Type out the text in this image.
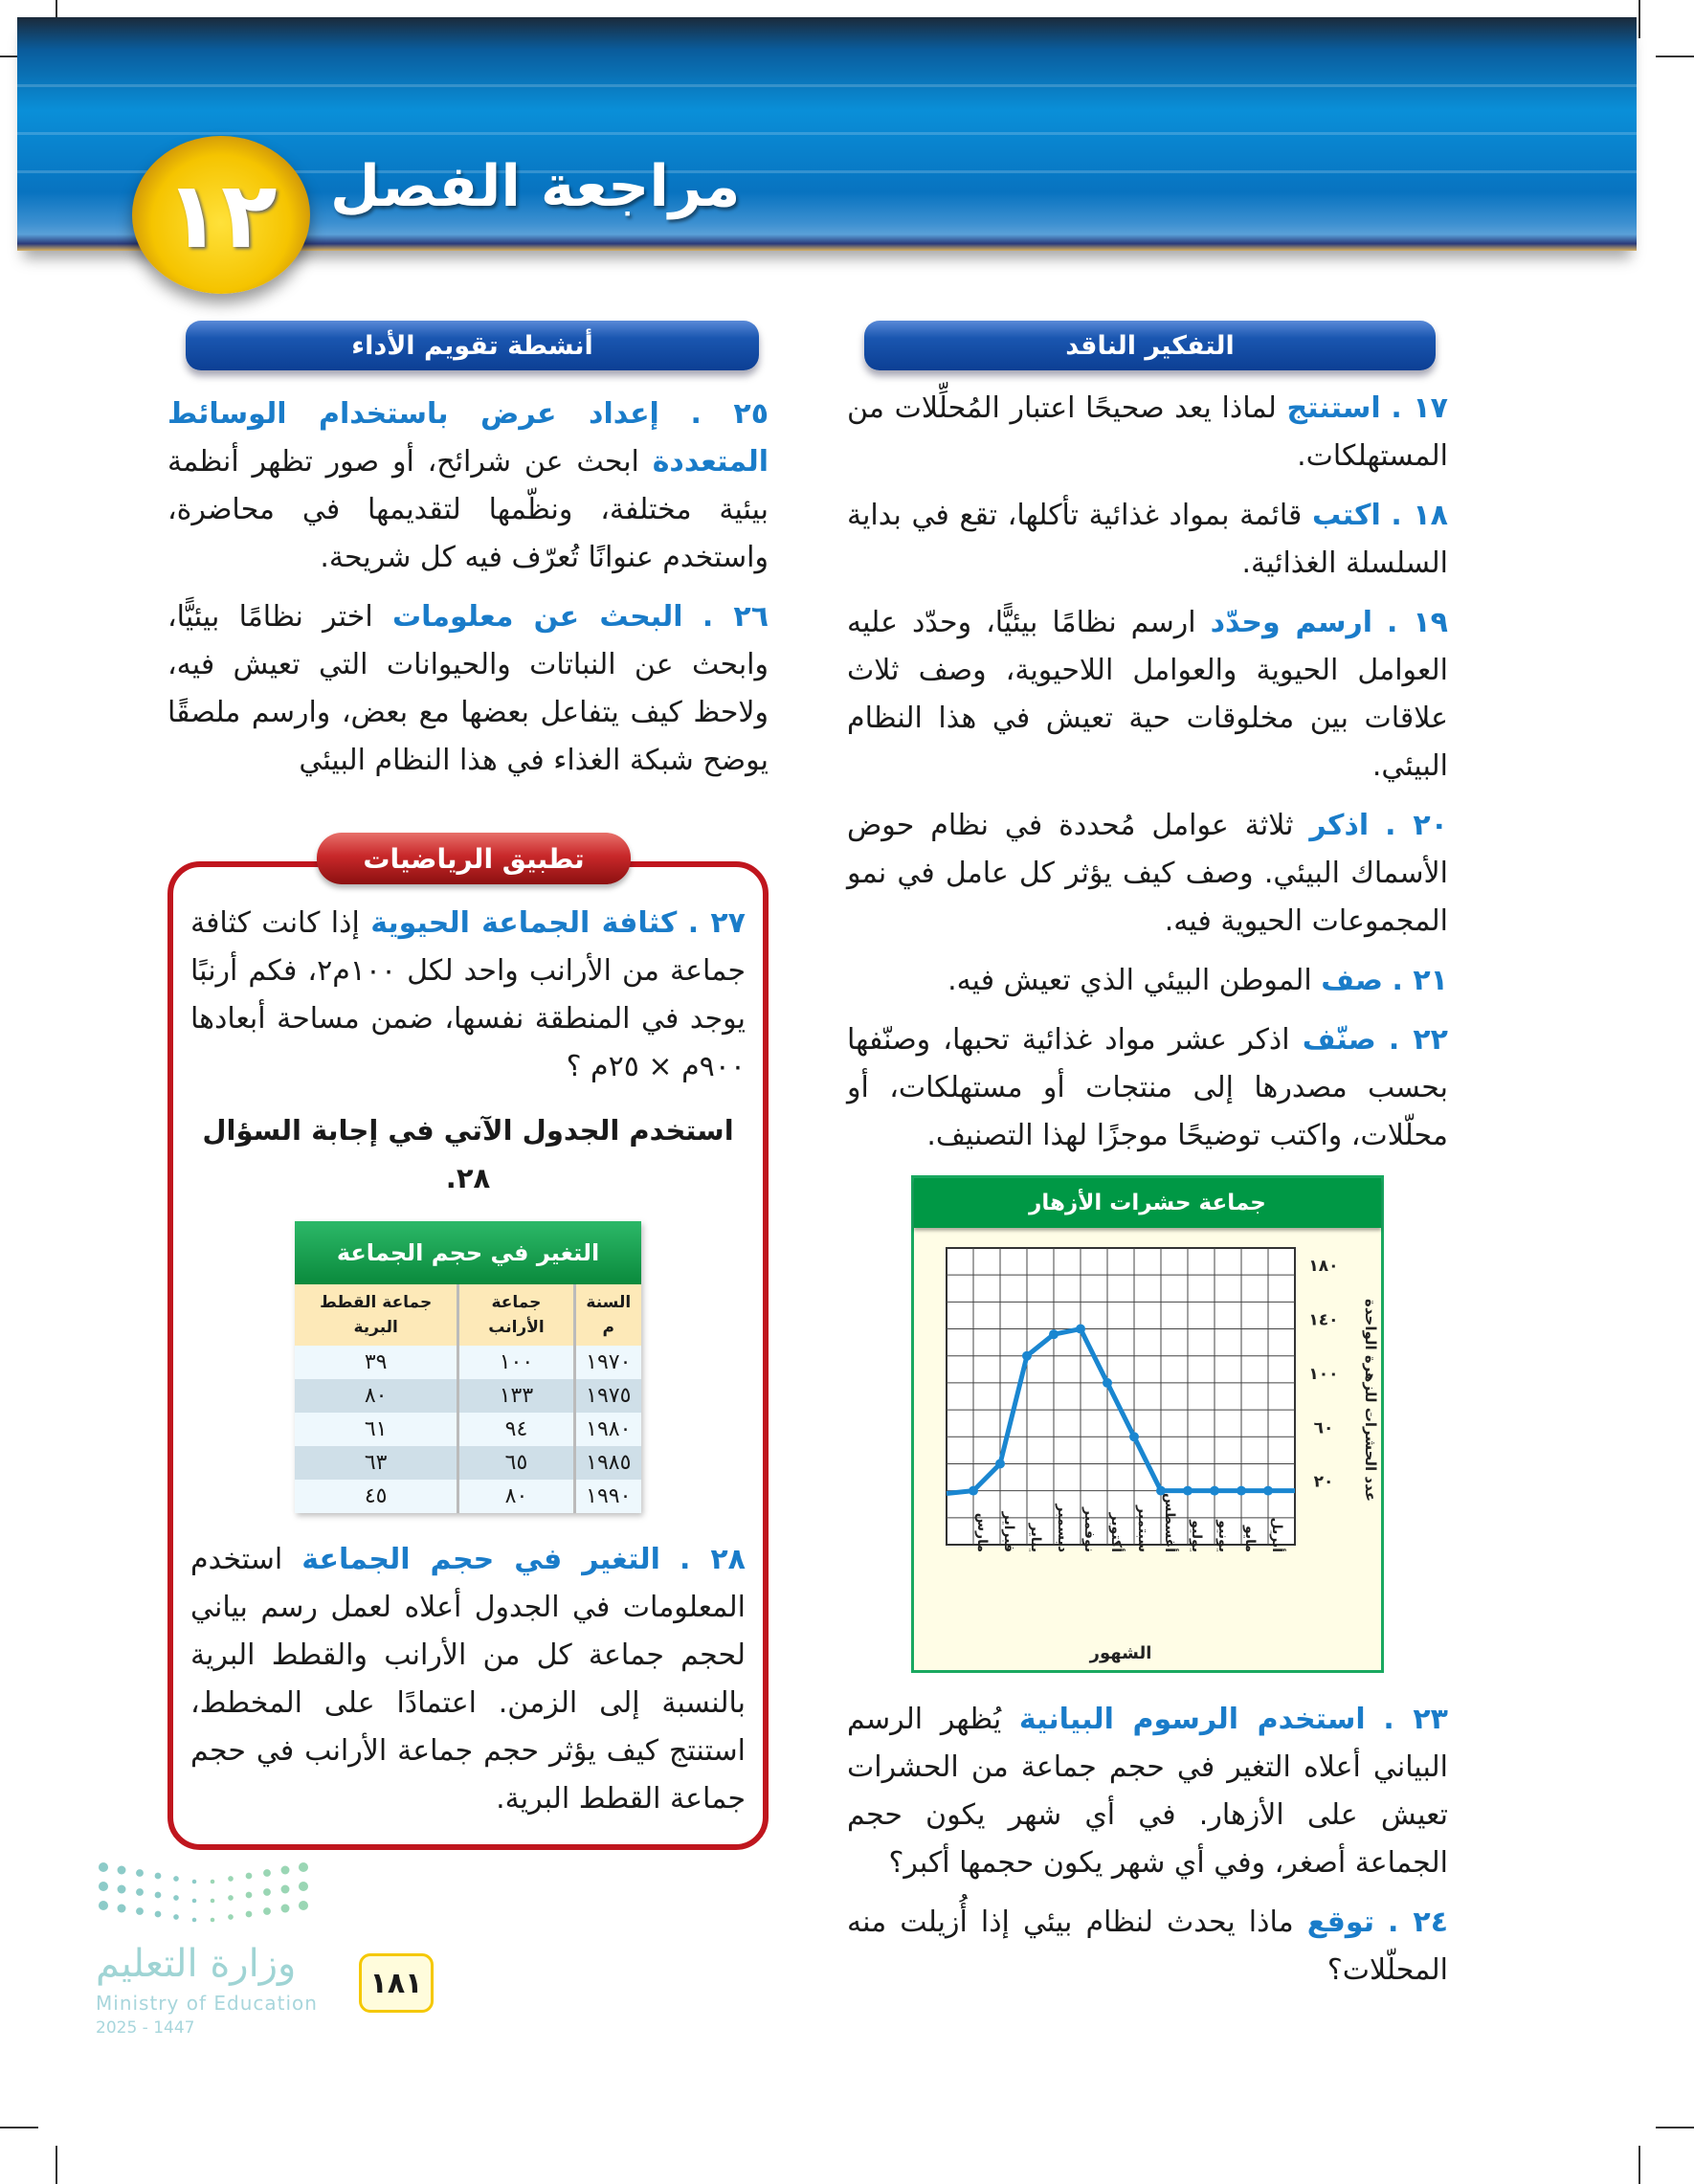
١٢ مراجعة الفصل
التفكير الناقد
أنشطة تقويم الأداء
١٧ . استنتج لماذا يعد صحيحًا اعتبار المُحلِّلات من المستهلكات.
١٨ . اكتب قائمة بمواد غذائية تأكلها، تقع في بداية السلسلة الغذائية.
١٩ . ارسم وحدّد ارسم نظامًا بيئيًّا، وحدّد عليه العوامل الحيوية والعوامل اللاحيوية، وصف ثلاث علاقات بين مخلوقات حية تعيش في هذا النظام البيئي.
٢٠ . اذكر ثلاثة عوامل مُحددة في نظام حوض الأسماك البيئي. وصف كيف يؤثر كل عامل في نمو المجموعات الحيوية فيه.
٢١ . صف الموطن البيئي الذي تعيش فيه.
٢٢ . صنّف اذكر عشر مواد غذائية تحبها، وصنّفها بحسب مصدرها إلى منتجات أو مستهلكات، أو محلّلات، واكتب توضيحًا موجزًا لهذا التصنيف.
جماعة حشرات الأزهار
١٨٠
١٤٠
١٠٠
٦٠
٢٠ عدد الحشرات للزهرة الواحدة
مارس فبراير يناير ديسمبر نوفمبر أكتوبر سبتمبر أغسطس يوليو يونيو مايو أبريل
الشهور
٢٣ . استخدم الرسوم البيانية يُظهر الرسم البياني أعلاه التغير في حجم جماعة من الحشرات تعيش على الأزهار. في أي شهر يكون حجم الجماعة أصغر، وفي أي شهر يكون حجمها أكبر؟
٢٤ . توقع ماذا يحدث لنظام بيئي إذا أُزيلت منه المحلّلات؟
٢٥ . إعداد عرض باستخدام الوسائط المتعددة ابحث عن شرائح، أو صور تظهر أنظمة بيئية مختلفة، ونظّمها لتقديمها في محاضرة، واستخدم عنوانًا تُعرّف فيه كل شريحة.
٢٦ . البحث عن معلومات اختر نظامًا بيئيًّا، وابحث عن النباتات والحيوانات التي تعيش فيه، ولاحظ كيف يتفاعل بعضها مع بعض، وارسم ملصقًا يوضح شبكة الغذاء في هذا النظام البيئي
تطبيق الرياضيات
٢٧ . كثافة الجماعة الحيوية إذا كانت كثافة جماعة من الأرانب واحد لكل ١٠٠م٢، فكم أرنبًا يوجد في المنطقة نفسها، ضمن مساحة أبعادها ٩٠٠م × ٢٥م ؟
استخدم الجدول الآتي في إجابة السؤال ٢٨.
التغير في حجم الجماعة
السنة م	جماعة الأرانب	جماعة القطط البرية
١٩٧٠	١٠٠	٣٩
١٩٧٥	١٣٣	٨٠
١٩٨٠	٩٤	٦١
١٩٨٥	٦٥	٦٣
١٩٩٠	٨٠	٤٥
٢٨ . التغير في حجم الجماعة استخدم المعلومات في الجدول أعلاه لعمل رسم بياني لحجم جماعة كل من الأرانب والقطط البرية بالنسبة إلى الزمن. اعتمادًا على المخطط، استنتج كيف يؤثر حجم جماعة الأرانب في حجم جماعة القطط البرية.
وزارة التعليم
Ministry of Education
2025 - 1447
١٨١
